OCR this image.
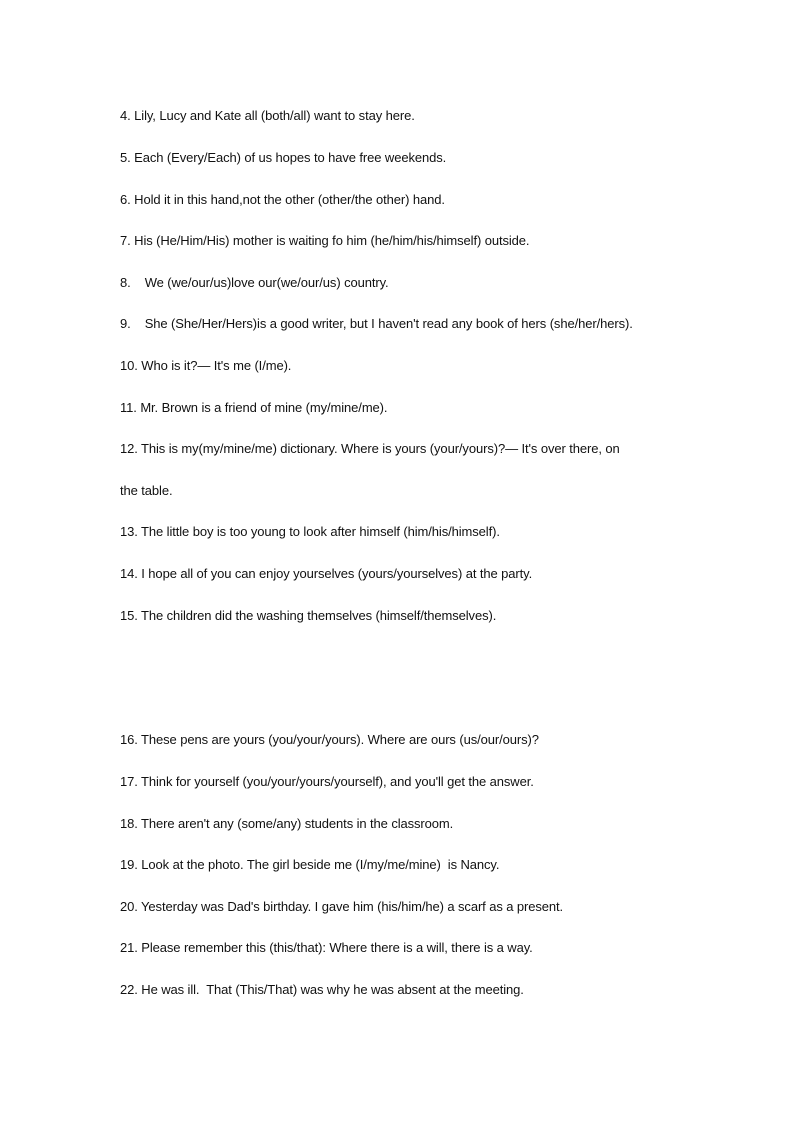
4. Lily, Lucy and Kate all (both/all) want to stay here.
5. Each (Every/Each) of us hopes to have free weekends.
6. Hold it in this hand,not the other (other/the other) hand.
7. His (He/Him/His) mother is waiting fo him (he/him/his/himself) outside.
8.    We (we/our/us)love our(we/our/us) country.
9.    She (She/Her/Hers)is a good writer, but I haven't read any book of hers (she/her/hers).
10. Who is it?— It's me (I/me).
11. Mr. Brown is a friend of mine (my/mine/me).
12. This is my(my/mine/me) dictionary. Where is yours (your/yours)?— It's over there, on
the table.
13. The little boy is too young to look after himself (him/his/himself).
14. I hope all of you can enjoy yourselves (yours/yourselves) at the party.
15. The children did the washing themselves (himself/themselves).
16. These pens are yours (you/your/yours). Where are ours (us/our/ours)?
17. Think for yourself (you/your/yours/yourself), and you'll get the answer.
18. There aren't any (some/any) students in the classroom.
19. Look at the photo. The girl beside me (I/my/me/mine)  is Nancy.
20. Yesterday was Dad's birthday. I gave him (his/him/he) a scarf as a present.
21. Please remember this (this/that): Where there is a will, there is a way.
22. He was ill.  That (This/That) was why he was absent at the meeting.
